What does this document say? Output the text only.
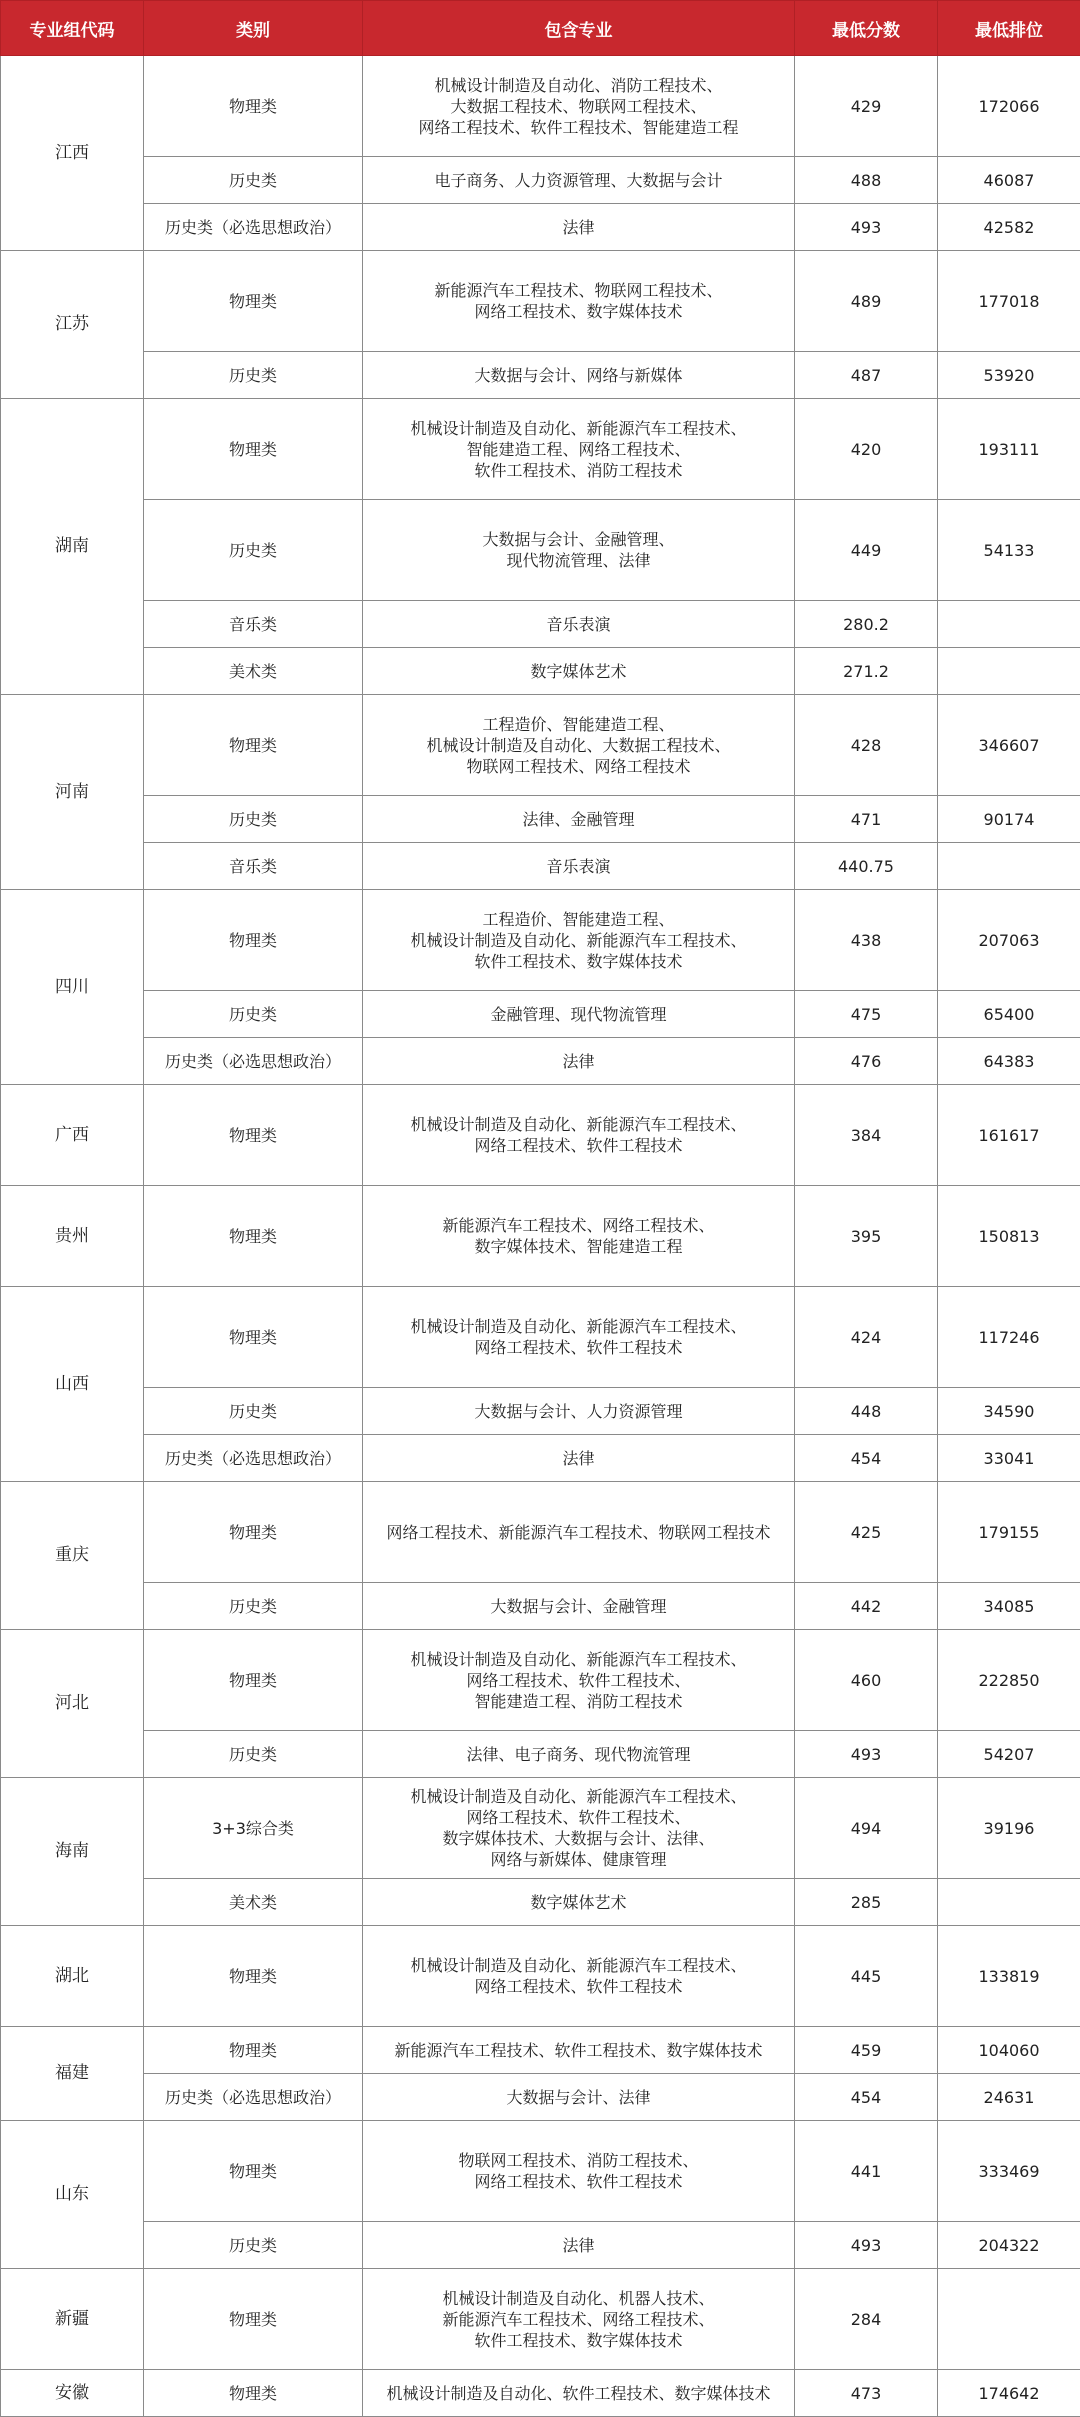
专业组代码	类别	包含专业	最低分数	最低排位
江西	物理类	机械设计制造及自动化、消防工程技术、
大数据工程技术、物联网工程技术、
网络工程技术、软件工程技术、智能建造工程	429	172066
	历史类	电子商务、人力资源管理、大数据与会计	488	46087
	历史类（必选思想政治）	法律	493	42582
江苏	物理类	新能源汽车工程技术、物联网工程技术、
网络工程技术、数字媒体技术	489	177018
	历史类	大数据与会计、网络与新媒体	487	53920
湖南	物理类	机械设计制造及自动化、新能源汽车工程技术、
智能建造工程、网络工程技术、
软件工程技术、消防工程技术	420	193111
	历史类	大数据与会计、金融管理、
现代物流管理、法律	449	54133
	音乐类	音乐表演	280.2	
	美术类	数字媒体艺术	271.2	
河南	物理类	工程造价、智能建造工程、
机械设计制造及自动化、大数据工程技术、
物联网工程技术、网络工程技术	428	346607
	历史类	法律、金融管理	471	90174
	音乐类	音乐表演	440.75	
四川	物理类	工程造价、智能建造工程、
机械设计制造及自动化、新能源汽车工程技术、
软件工程技术、数字媒体技术	438	207063
	历史类	金融管理、现代物流管理	475	65400
	历史类（必选思想政治）	法律	476	64383
广西	物理类	机械设计制造及自动化、新能源汽车工程技术、
网络工程技术、软件工程技术	384	161617
贵州	物理类	新能源汽车工程技术、网络工程技术、
数字媒体技术、智能建造工程	395	150813
山西	物理类	机械设计制造及自动化、新能源汽车工程技术、
网络工程技术、软件工程技术	424	117246
	历史类	大数据与会计、人力资源管理	448	34590
	历史类（必选思想政治）	法律	454	33041
重庆	物理类	网络工程技术、新能源汽车工程技术、物联网工程技术	425	179155
	历史类	大数据与会计、金融管理	442	34085
河北	物理类	机械设计制造及自动化、新能源汽车工程技术、
网络工程技术、软件工程技术、
智能建造工程、消防工程技术	460	222850
	历史类	法律、电子商务、现代物流管理	493	54207
海南	3+3综合类	机械设计制造及自动化、新能源汽车工程技术、
网络工程技术、软件工程技术、
数字媒体技术、大数据与会计、法律、
网络与新媒体、健康管理	494	39196
	美术类	数字媒体艺术	285	
湖北	物理类	机械设计制造及自动化、新能源汽车工程技术、
网络工程技术、软件工程技术	445	133819
福建	物理类	新能源汽车工程技术、软件工程技术、数字媒体技术	459	104060
	历史类（必选思想政治）	大数据与会计、法律	454	24631
山东	物理类	物联网工程技术、消防工程技术、
网络工程技术、软件工程技术	441	333469
	历史类	法律	493	204322
新疆	物理类	机械设计制造及自动化、机器人技术、
新能源汽车工程技术、网络工程技术、
软件工程技术、数字媒体技术	284	
安徽	物理类	机械设计制造及自动化、软件工程技术、数字媒体技术	473	174642
